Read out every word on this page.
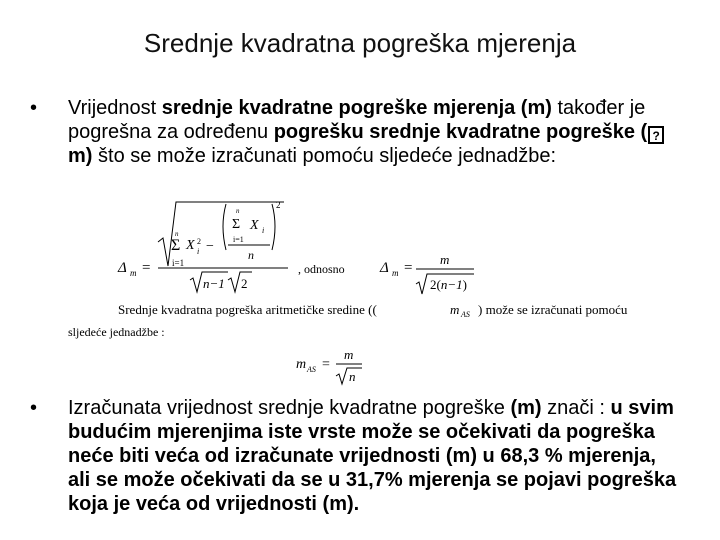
Srednje kvadratna pogreška mjerenja
•	Vrijednost srednje kvadratne pogreške mjerenja (m) također je pogrešna za određenu pogrešku srednje kvadratne pogreške ( ?m) što se može izračunati pomoću sljedeće jednadžbe:
Δ m =
n
Σ
i=1
X 2
i −
n
Σ
i=1
X i
2
n
n−1 2
, odnosno Δ m =
m
2(n−1)
Srednje kvadratna pogreška aritmetičke sredine ((	m AS ) može se izračunati pomoću
sljedeće jednadžbe :
m AS =
m
n
•	Izračunata vrijednost srednje kvadratne pogreške (m) znači : u svim budućim mjerenjima iste vrste može se očekivati da pogreška neće biti veća od izračunate vrijednosti (m) u 68,3 % mjerenja, ali se može očekivati da se u 31,7% mjerenja se pojavi pogreška koja je veća od vrijednosti (m).
